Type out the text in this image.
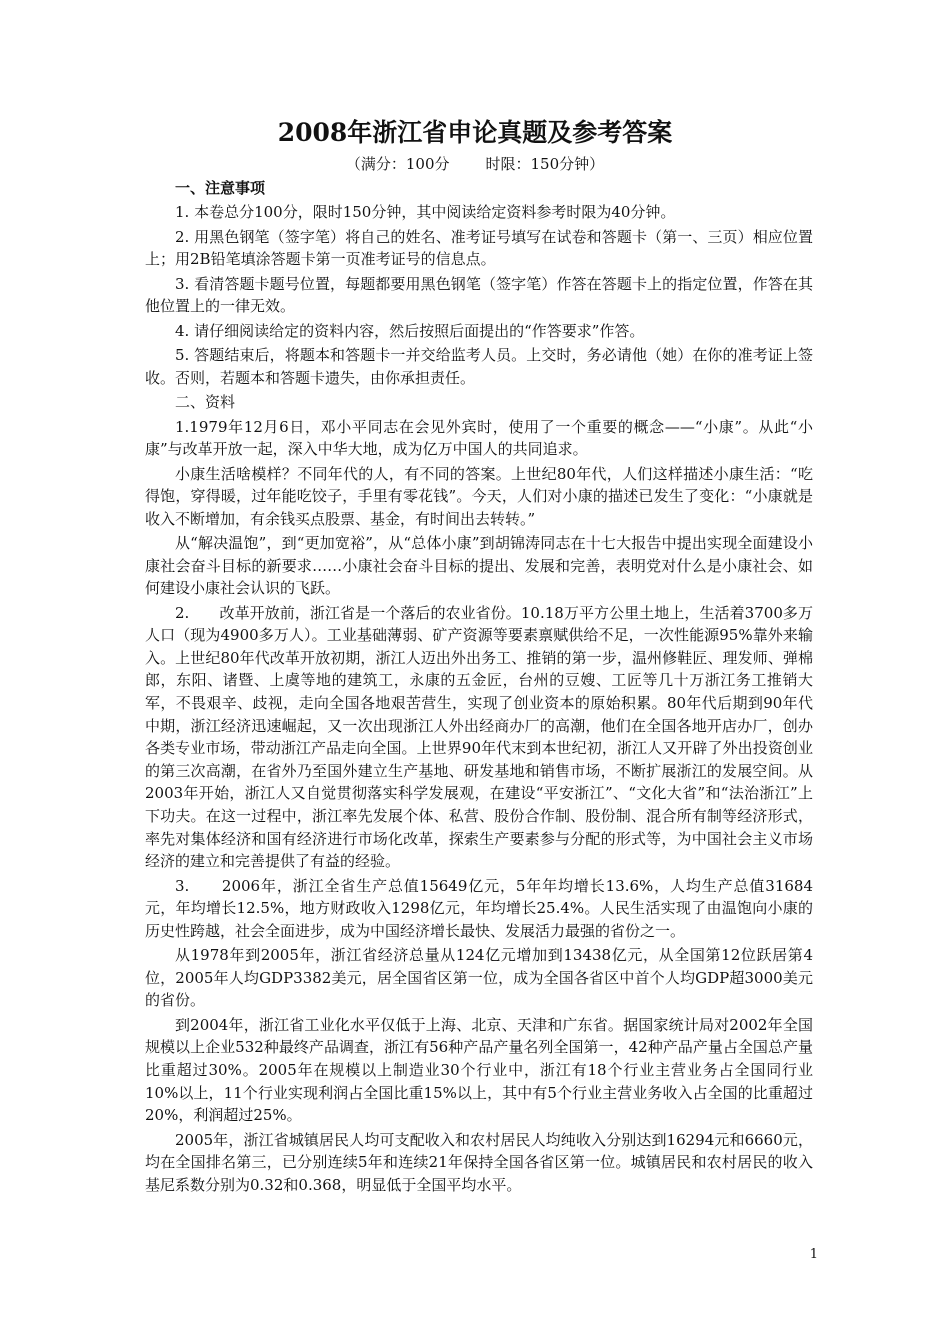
2008年浙江省申论真题及参考答案
（满分：100分 时限：150分钟）

一、注意事项

1. 本卷总分100分，限时150分钟，其中阅读给定资料参考时限为40分钟。

2. 用黑色钢笔（签字笔）将自己的姓名、准考证号填写在试卷和答题卡（第一、三页）相应位置上；用2B铅笔填涂答题卡第一页准考证号的信息点。

3. 看清答题卡题号位置，每题都要用黑色钢笔（签字笔）作答在答题卡上的指定位置，作答在其他位置上的一律无效。

4. 请仔细阅读给定的资料内容，然后按照后面提出的“作答要求”作答。

5. 答题结束后，将题本和答题卡一并交给监考人员。上交时，务必请他（她）在你的准考证上签收。否则，若题本和答题卡遗失，由你承担责任。

二、资料

1.1979年12月6日，邓小平同志在会见外宾时，使用了一个重要的概念——“小康”。从此“小康”与改革开放一起，深入中华大地，成为亿万中国人的共同追求。

小康生活啥模样？不同年代的人，有不同的答案。上世纪80年代，人们这样描述小康生活：“吃得饱，穿得暖，过年能吃饺子，手里有零花钱”。今天，人们对小康的描述已发生了变化：“小康就是收入不断增加，有余钱买点股票、基金，有时间出去转转。”

从“解决温饱”，到“更加宽裕”，从“总体小康”到胡锦涛同志在十七大报告中提出实现全面建设小康社会奋斗目标的新要求……小康社会奋斗目标的提出、发展和完善，表明党对什么是小康社会、如何建设小康社会认识的飞跃。

2.　　改革开放前，浙江省是一个落后的农业省份。10.18万平方公里土地上，生活着3700多万人口（现为4900多万人）。工业基础薄弱、矿产资源等要素禀赋供给不足，一次性能源95%靠外来输入。上世纪80年代改革开放初期，浙江人迈出外出务工、推销的第一步，温州修鞋匠、理发师、弹棉郎，东阳、诸暨、上虞等地的建筑工，永康的五金匠，台州的豆嫂、工匠等几十万浙江务工推销大军，不畏艰辛、歧视，走向全国各地艰苦营生，实现了创业资本的原始积累。80年代后期到90年代中期，浙江经济迅速崛起，又一次出现浙江人外出经商办厂的高潮，他们在全国各地开店办厂，创办各类专业市场，带动浙江产品走向全国。上世界90年代末到本世纪初，浙江人又开辟了外出投资创业的第三次高潮，在省外乃至国外建立生产基地、研发基地和销售市场，不断扩展浙江的发展空间。从2003年开始，浙江人又自觉贯彻落实科学发展观，在建设“平安浙江”、“文化大省”和“法治浙江”上下功夫。在这一过程中，浙江率先发展个体、私营、股份合作制、股份制、混合所有制等经济形式，率先对集体经济和国有经济进行市场化改革，探索生产要素参与分配的形式等，为中国社会主义市场经济的建立和完善提供了有益的经验。

3.　　2006年，浙江全省生产总值15649亿元，5年年均增长13.6%，人均生产总值31684元，年均增长12.5%，地方财政收入1298亿元，年均增长25.4%。人民生活实现了由温饱向小康的历史性跨越，社会全面进步，成为中国经济增长最快、发展活力最强的省份之一。

从1978年到2005年，浙江省经济总量从124亿元增加到13438亿元，从全国第12位跃居第4位，2005年人均GDP3382美元，居全国省区第一位，成为全国各省区中首个人均GDP超3000美元的省份。

到2004年，浙江省工业化水平仅低于上海、北京、天津和广东省。据国家统计局对2002年全国规模以上企业532种最终产品调查，浙江有56种产品产量名列全国第一，42种产品产量占全国总产量比重超过30%。2005年在规模以上制造业30个行业中，浙江有18个行业主营业务占全国同行业10%以上，11个行业实现利润占全国比重15%以上，其中有5个行业主营业务收入占全国的比重超过20%，利润超过25%。

2005年，浙江省城镇居民人均可支配收入和农村居民人均纯收入分别达到16294元和6660元，均在全国排名第三，已分别连续5年和连续21年保持全国各省区第一位。城镇居民和农村居民的收入基尼系数分别为0.32和0.368，明显低于全国平均水平。

1
